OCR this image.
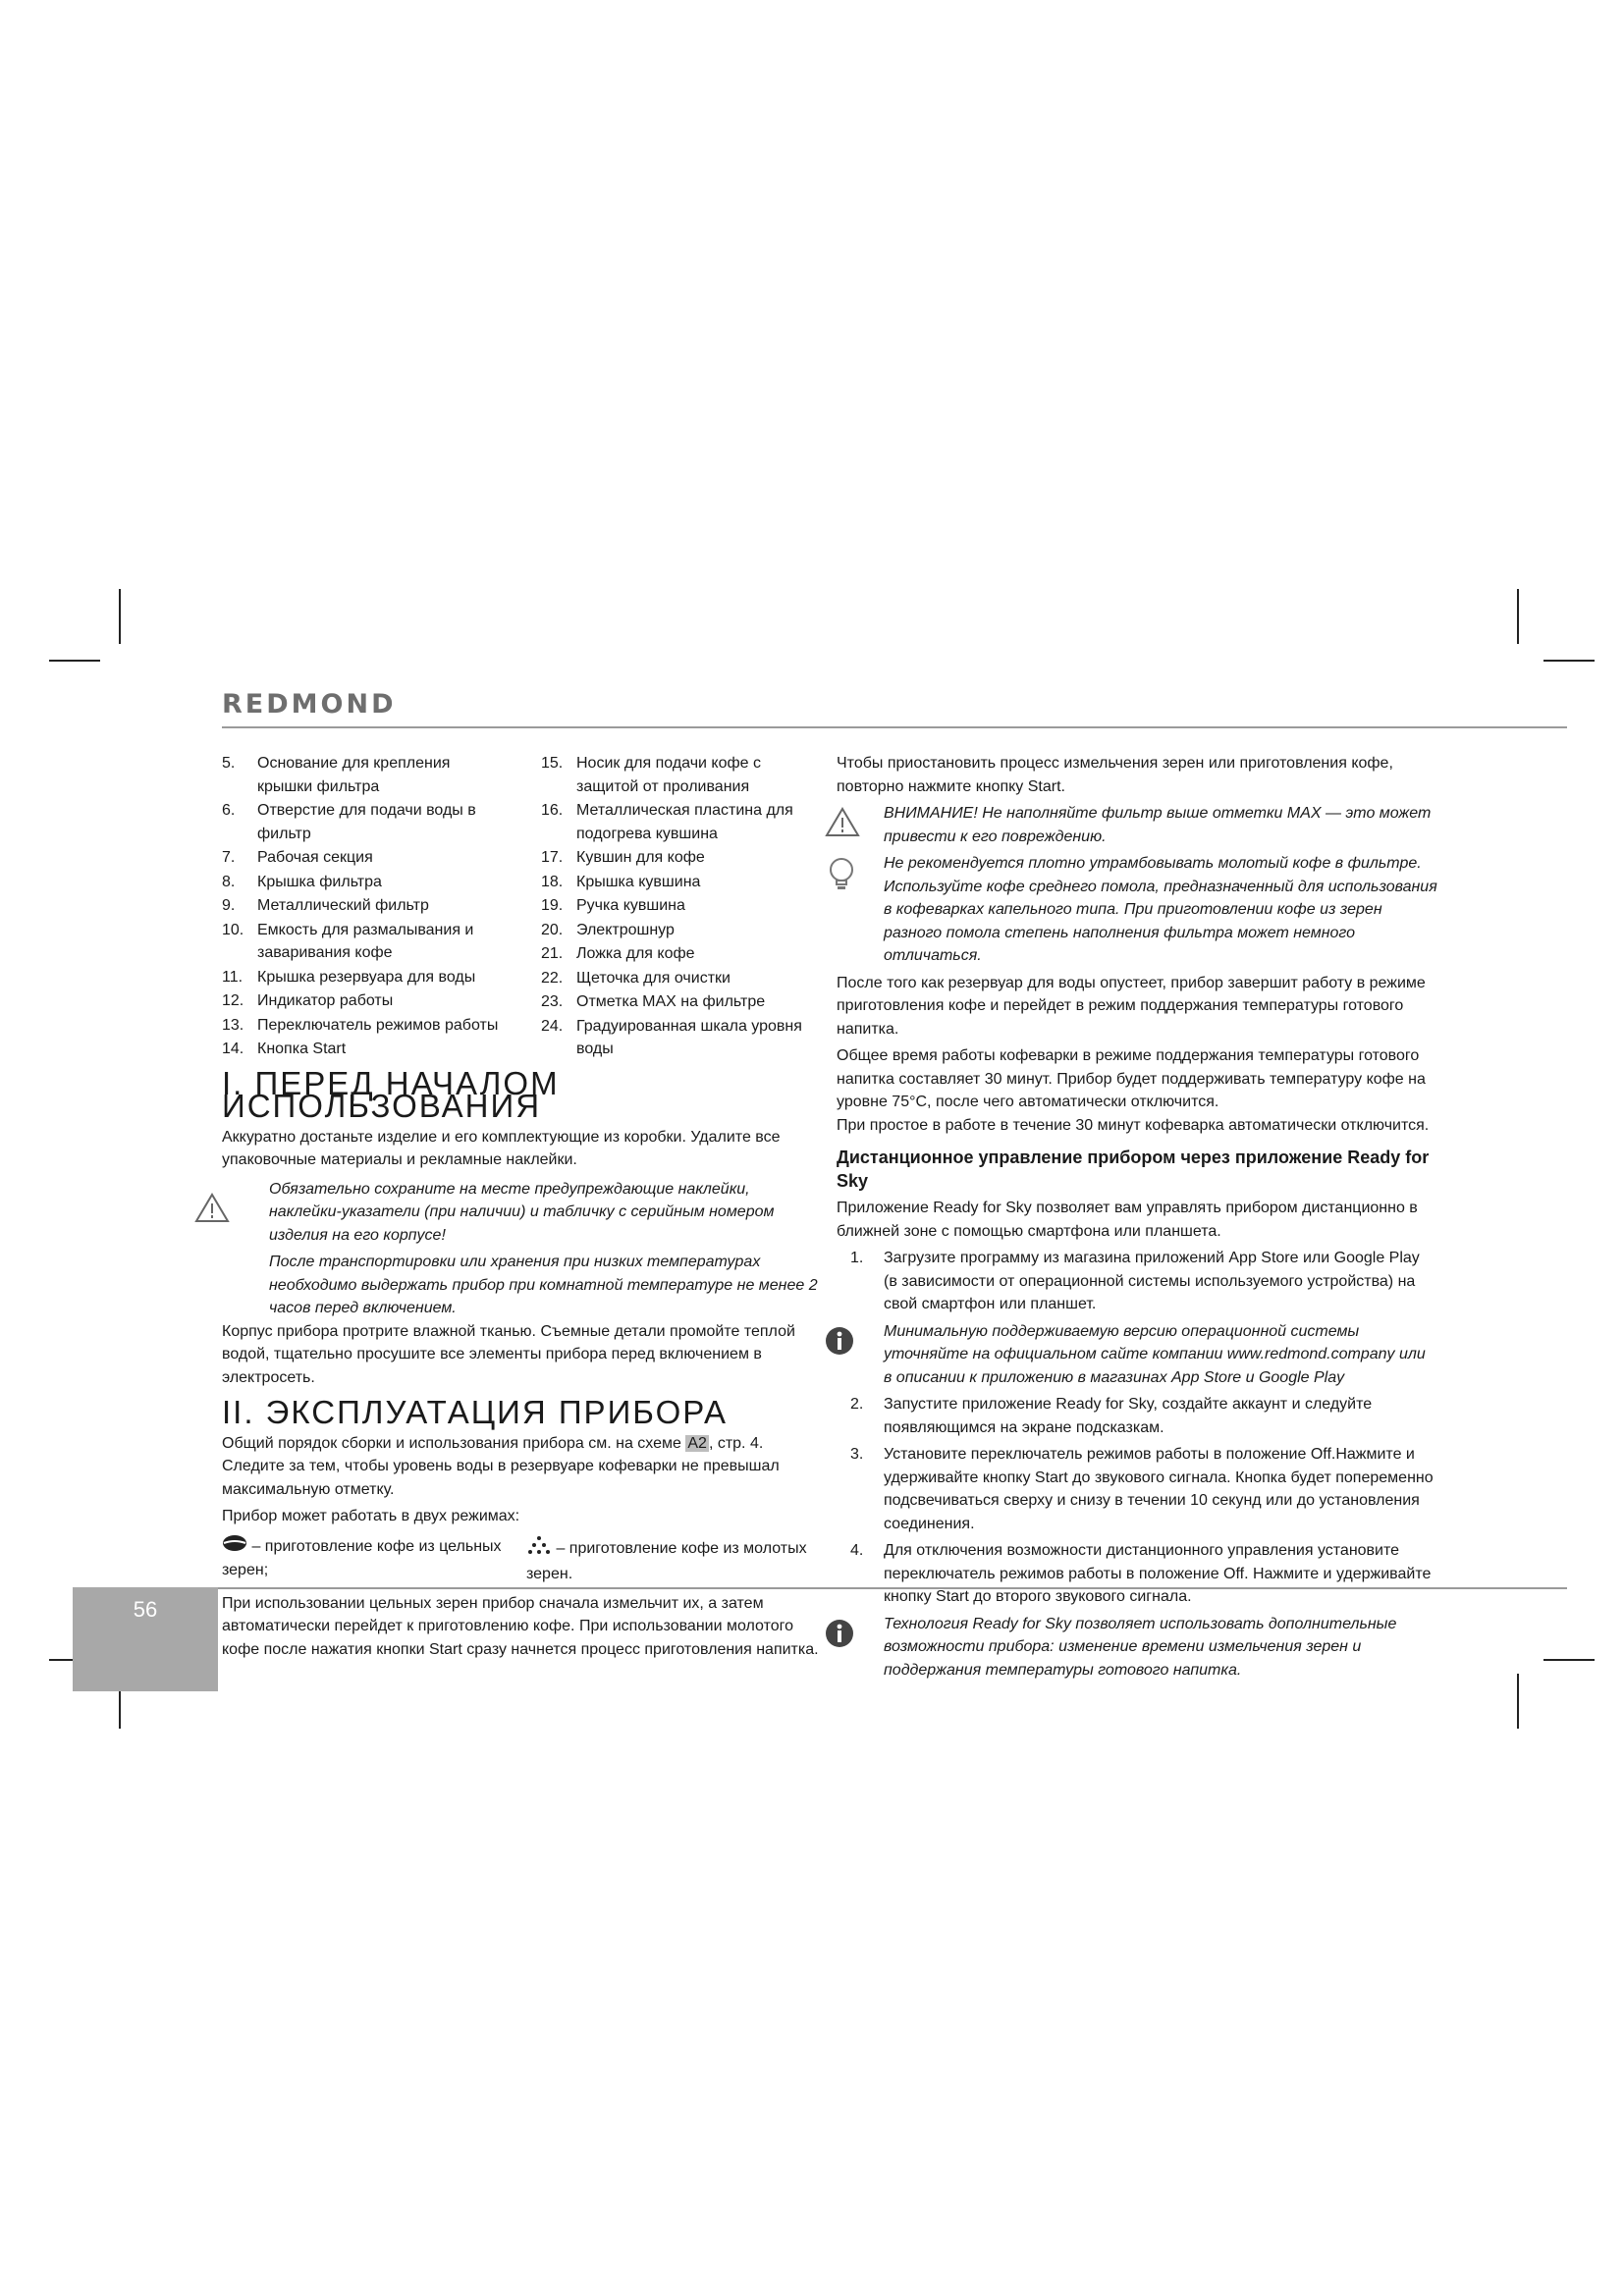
REDMOND
5. Основание для крепления крышки фильтра
6. Отверстие для подачи воды в фильтр
7. Рабочая секция
8. Крышка фильтра
9. Металлический фильтр
10. Емкость для размалывания и заваривания кофе
11. Крышка резервуара для воды
12. Индикатор работы
13. Переключатель режимов работы
14. Кнопка Start
15. Носик для подачи кофе с защитой от проливания
16. Металлическая пластина для подогрева кувшина
17. Кувшин для кофе
18. Крышка кувшина
19. Ручка кувшина
20. Электрошнур
21. Ложка для кофе
22. Щеточка для очистки
23. Отметка MAX на фильтре
24. Градуированная шкала уровня воды
I. ПЕРЕД НАЧАЛОМ ИСПОЛЬЗОВАНИЯ

Аккуратно достаньте изделие и его комплектующие из коробки. Удалите все упаковочные материалы и рекламные наклейки.

Обязательно сохраните на месте предупреждающие наклейки, наклейки-указатели (при наличии) и табличку с серийным номером изделия на его корпусе!

После транспортировки или хранения при низких температурах необходимо выдержать прибор при комнатной температуре не менее 2 часов перед включением.

Корпус прибора протрите влажной тканью. Съемные детали промойте теплой водой, тщательно просушите все элементы прибора перед включением в электросеть.

II. ЭКСПЛУАТАЦИЯ ПРИБОРА

Общий порядок сборки и использования прибора см. на схеме A2 , стр. 4.

Следите за тем, чтобы уровень воды в резервуаре кофеварки не превышал максимальную отметку.

Прибор может работать в двух режимах:

– приготовление кофе из цельных зерен;
– приготовление кофе из молотых зерен.

При использовании цельных зерен прибор сначала измельчит их, а затем автоматически перейдет к приготовлению кофе. При использовании молотого кофе после нажатия кнопки Start сразу начнется процесс приготовления напитка.

Чтобы приостановить процесс измельчения зерен или приготовления кофе, повторно нажмите кнопку Start.

ВНИМАНИЕ! Не наполняйте фильтр выше отметки MAX — это может привести к его повреждению.

Не рекомендуется плотно утрамбовывать молотый кофе в фильтре. Используйте кофе среднего помола, предназначенный для использования в кофеварках капельного типа. При приготовлении кофе из зерен разного помола степень наполнения фильтра может немного отличаться.

После того как резервуар для воды опустеет, прибор завершит работу в режиме приготовления кофе и перейдет в режим поддержания температуры готового напитка.

Общее время работы кофеварки в режиме поддержания температуры готового напитка составляет 30 минут. Прибор будет поддерживать температуру кофе на уровне 75°С, после чего автоматически отключится.

При простое в работе в течение 30 минут кофеварка автоматически отключится.

Дистанционное управление прибором через приложение Ready for Sky

Приложение Ready for Sky позволяет вам управлять прибором дистанционно в ближней зоне с помощью смартфона или планшета.

1. Загрузите программу из магазина приложений App Store или Google Play (в зависимости от операционной системы используемого устройства) на свой смартфон или планшет.

Минимальную поддерживаемую версию операционной системы уточняйте на официальном сайте компании www.redmond.company или в описании к приложению в магазинах App Store и Google Play

2. Запустите приложение Ready for Sky, создайте аккаунт и следуйте появляющимся на экране подсказкам.
3. Установите переключатель режимов работы в положение Off.Нажмите и удерживайте кнопку Start до звукового сигнала. Кнопка будет попеременно подсвечиваться сверху и снизу в течении 10 секунд или до установления соединения.
4. Для отключения возможности дистанционного управления установите переключатель режимов работы в положение Off. Нажмите и удерживайте кнопку Start до второго звукового сигнала.

Технология Ready for Sky позволяет использовать дополнительные возможности прибора: изменение времени измельчения зерен и поддержания температуры готового напитка.

56
